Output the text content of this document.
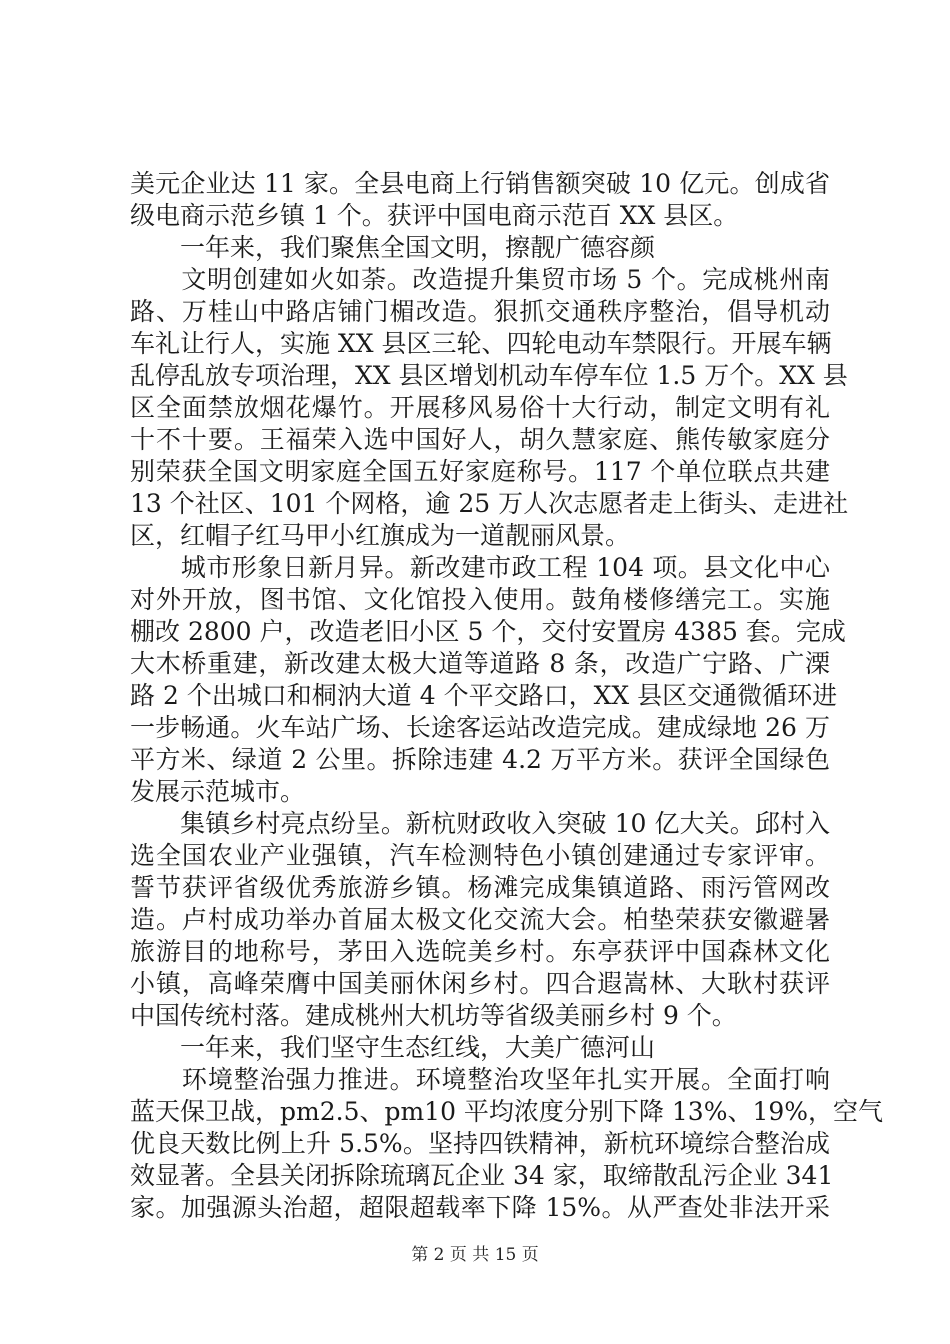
美元企业达 11 家。全县电商上行销售额突破 10 亿元。创成省
级电商示范乡镇 1 个。获评中国电商示范百 XX 县区。
　　一年来，我们聚焦全国文明，擦靓广德容颜
　　文明创建如火如荼。改造提升集贸市场 5 个。完成桃州南
路、万桂山中路店铺门楣改造。狠抓交通秩序整治，倡导机动
车礼让行人，实施 XX 县区三轮、四轮电动车禁限行。开展车辆
乱停乱放专项治理，XX 县区增划机动车停车位 1.5 万个。XX 县
区全面禁放烟花爆竹。开展移风易俗十大行动，制定文明有礼
十不十要。王福荣入选中国好人，胡久慧家庭、熊传敏家庭分
别荣获全国文明家庭全国五好家庭称号。117 个单位联点共建
13 个社区、101 个网格，逾 25 万人次志愿者走上街头、走进社
区，红帽子红马甲小红旗成为一道靓丽风景。
　　城市形象日新月异。新改建市政工程 104 项。县文化中心
对外开放，图书馆、文化馆投入使用。鼓角楼修缮完工。实施
棚改 2800 户，改造老旧小区 5 个，交付安置房 4385 套。完成
大木桥重建，新改建太极大道等道路 8 条，改造广宁路、广溧
路 2 个出城口和桐汭大道 4 个平交路口，XX 县区交通微循环进
一步畅通。火车站广场、长途客运站改造完成。建成绿地 26 万
平方米、绿道 2 公里。拆除违建 4.2 万平方米。获评全国绿色
发展示范城市。
　　集镇乡村亮点纷呈。新杭财政收入突破 10 亿大关。邱村入
选全国农业产业强镇，汽车检测特色小镇创建通过专家评审。
誓节获评省级优秀旅游乡镇。杨滩完成集镇道路、雨污管网改
造。卢村成功举办首届太极文化交流大会。柏垫荣获安徽避暑
旅游目的地称号，茅田入选皖美乡村。东亭获评中国森林文化
小镇，高峰荣膺中国美丽休闲乡村。四合遐嵩林、大耿村获评
中国传统村落。建成桃州大机坊等省级美丽乡村 9 个。
　　一年来，我们坚守生态红线，大美广德河山
　　环境整治强力推进。环境整治攻坚年扎实开展。全面打响
蓝天保卫战，pm2.5、pm10 平均浓度分别下降 13%、19%，空气
优良天数比例上升 5.5%。坚持四铁精神，新杭环境综合整治成
效显著。全县关闭拆除琉璃瓦企业 34 家，取缔散乱污企业 341
家。加强源头治超，超限超载率下降 15%。从严查处非法开采
第 2 页 共 15 页
